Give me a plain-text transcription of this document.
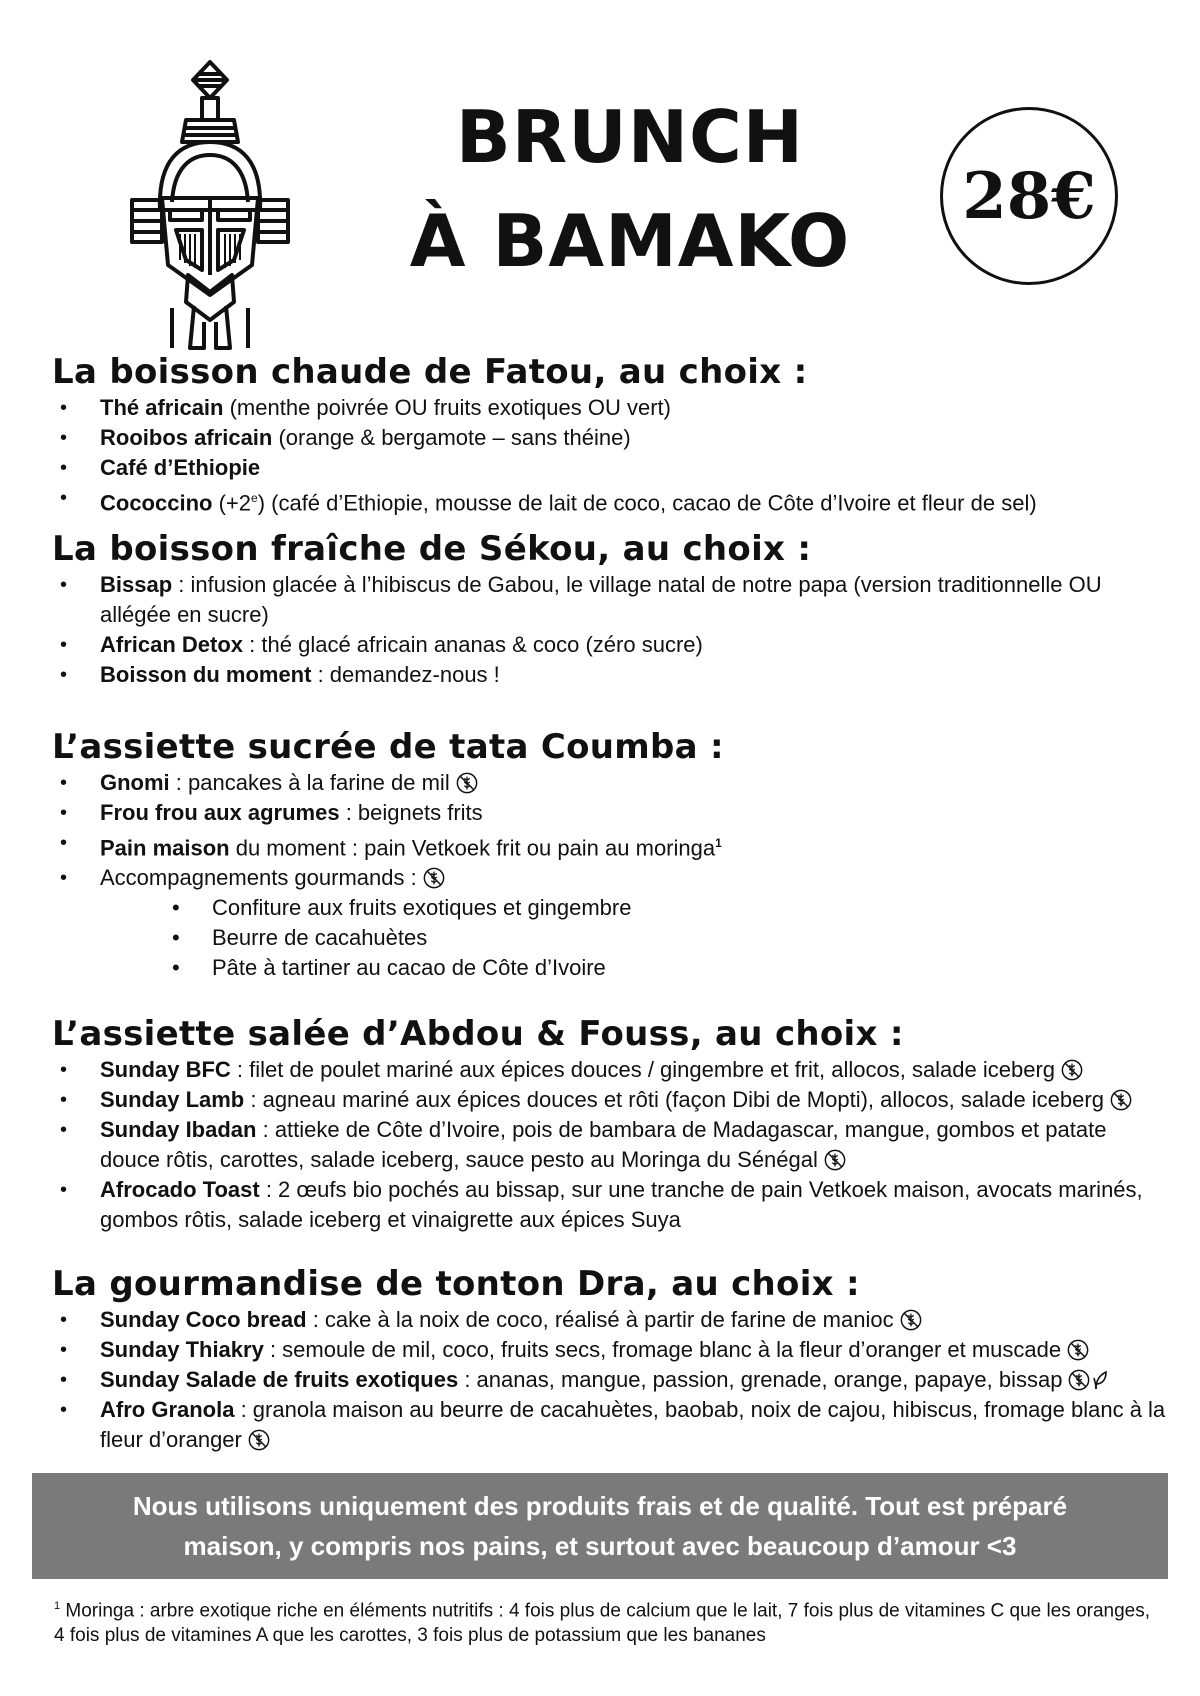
BRUNCH
À BAMAKO
28€
La boisson chaude de Fatou, au choix :
• Thé africain (menthe poivrée OU fruits exotiques OU vert)
• Rooibos africain (orange & bergamote – sans théine)
• Café d’Ethiopie
• Cococcino $(+2^e)$ (café d’Ethiopie, mousse de lait de coco, cacao de Côte d’Ivoire et fleur de sel)
La boisson fraîche de Sékou, au choix :
• Bissap : infusion glacée à l’hibiscus de Gabou, le village natal de notre papa (version traditionnelle OU allégée en sucre)
• African Detox : thé glacé africain ananas & coco (zéro sucre)
• Boisson du moment : demandez-nous !
L’assiette sucrée de tata Coumba :
• Gnomi : pancakes à la farine de mil
• Frou frou aux agrumes : beignets frits
• Pain maison du moment : pain Vetkoek frit ou pain au moringa$^1$
• Accompagnements gourmands :
• Confiture aux fruits exotiques et gingembre
• Beurre de cacahuètes
• Pâte à tartiner au cacao de Côte d’Ivoire
L’assiette salée d’Abdou & Fouss, au choix :
• Sunday BFC : filet de poulet mariné aux épices douces / gingembre et frit, allocos, salade iceberg
• Sunday Lamb : agneau mariné aux épices douces et rôti (façon Dibi de Mopti), allocos, salade iceberg
• Sunday Ibadan : attieke de Côte d’Ivoire, pois de bambara de Madagascar, mangue, gombos et patate douce rôtis, carottes, salade iceberg, sauce pesto au Moringa du Sénégal
• Afrocado Toast : 2 œufs bio pochés au bissap, sur une tranche de pain Vetkoek maison, avocats marinés, gombos rôtis, salade iceberg et vinaigrette aux épices Suya
La gourmandise de tonton Dra, au choix :
• Sunday Coco bread : cake à la noix de coco, réalisé à partir de farine de manioc
• Sunday Thiakry : semoule de mil, coco, fruits secs, fromage blanc à la fleur d’oranger et muscade
• Sunday Salade de fruits exotiques : ananas, mangue, passion, grenade, orange, papaye, bissap
• Afro Granola : granola maison au beurre de cacahuètes, baobab, noix de cajou, hibiscus, fromage blanc à la fleur d’oranger
Nous utilisons uniquement des produits frais et de qualité. Tout est préparé
maison, y compris nos pains, et surtout avec beaucoup d’amour <3
$^1$ Moringa : arbre exotique riche en éléments nutritifs : 4 fois plus de calcium que le lait, 7 fois plus de vitamines C que les oranges, 4 fois plus de vitamines A que les carottes, 3 fois plus de potassium que les bananes
